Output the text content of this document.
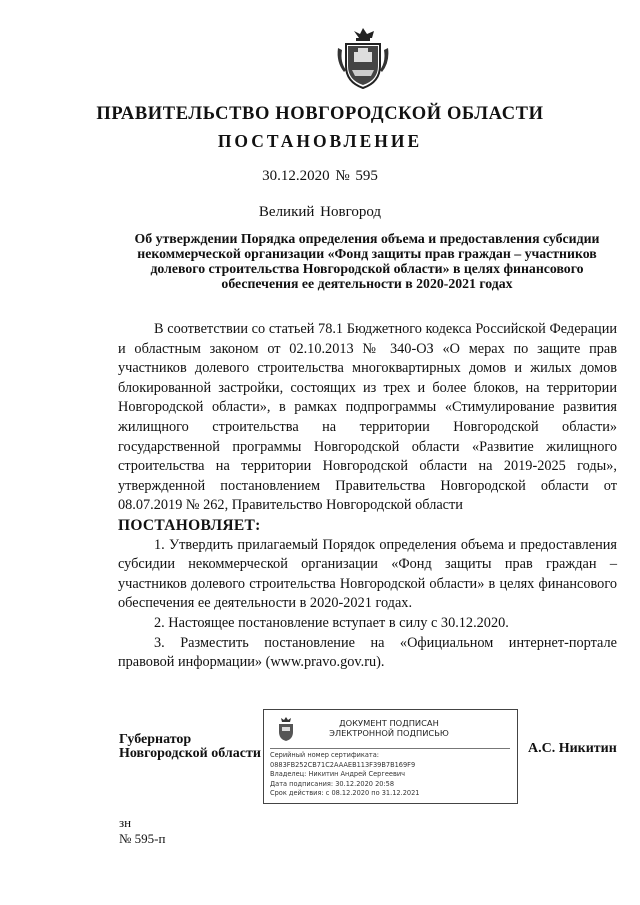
ПРАВИТЕЛЬСТВО НОВГОРОДСКОЙ ОБЛАСТИ
ПОСТАНОВЛЕНИЕ
30.12.2020 № 595
Великий Новгород
Об утверждении Порядка определения объема и предоставления субсидии некоммерческой организации «Фонд защиты прав граждан – участников долевого строительства Новгородской области» в целях финансового обеспечения ее деятельности в 2020-2021 годах

В соответствии со статьей 78.1 Бюджетного кодекса Российской Федерации и областным законом от 02.10.2013 № 340-ОЗ «О мерах по защите прав участников долевого строительства многоквартирных домов и жилых домов блокированной застройки, состоящих из трех и более блоков, на территории Новгородской области», в рамках подпрограммы «Стимулирование развития жилищного строительства на территории Новгородской области» государственной программы Новгородской области «Развитие жилищного строительства на территории Новгородской области на 2019-2025 годы», утвержденной постановлением Правительства Новгородской области от 08.07.2019 № 262, Правительство Новгородской области

ПОСТАНОВЛЯЕТ:

1. Утвердить прилагаемый Порядок определения объема и предоставления субсидии некоммерческой организации «Фонд защиты прав граждан – участников долевого строительства Новгородской области» в целях финансового обеспечения ее деятельности в 2020-2021 годах.

2. Настоящее постановление вступает в силу с 30.12.2020.

3. Разместить постановление на «Официальном интернет-портале правовой информации» (www.pravo.gov.ru).

Губернатор
Новгородской области
ДОКУМЕНТ ПОДПИСАН
ЭЛЕКТРОННОЙ ПОДПИСЬЮ
Серийный номер сертификата:
0883FB252CB71C2AAAEB113F39B7B169F9
Владелец: Никитин Андрей Сергеевич
Дата подписания: 30.12.2020 20:58
Срок действия: с 08.12.2020 по 31.12.2021
А.С. Никитин
зн
№ 595-п
